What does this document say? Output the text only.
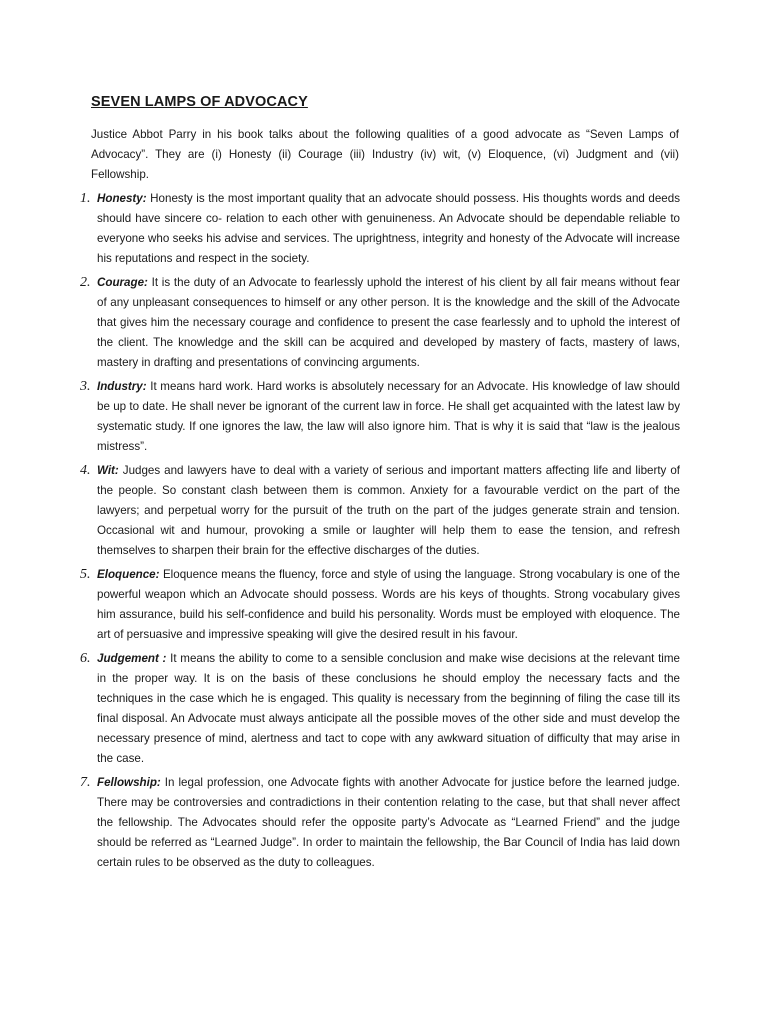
SEVEN LAMPS OF ADVOCACY
Justice Abbot Parry in his book talks about the following qualities of a good advocate as “Seven Lamps of Advocacy”. They are (i) Honesty (ii) Courage (iii) Industry (iv) wit, (v) Eloquence, (vi) Judgment and (vii) Fellowship.
1. Honesty: Honesty is the most important quality that an advocate should possess. His thoughts words and deeds should have sincere co- relation to each other with genuineness. An Advocate should be dependable reliable to everyone who seeks his advise and services. The uprightness, integrity and honesty of the Advocate will increase his reputations and respect in the society.
2. Courage: It is the duty of an Advocate to fearlessly uphold the interest of his client by all fair means without fear of any unpleasant consequences to himself or any other person. It is the knowledge and the skill of the Advocate that gives him the necessary courage and confidence to present the case fearlessly and to uphold the interest of the client. The knowledge and the skill can be acquired and developed by mastery of facts, mastery of laws, mastery in drafting and presentations of convincing arguments.
3. Industry: It means hard work. Hard works is absolutely necessary for an Advocate. His knowledge of law should be up to date. He shall never be ignorant of the current law in force. He shall get acquainted with the latest law by systematic study. If one ignores the law, the law will also ignore him. That is why it is said that “law is the jealous mistress”.
4. Wit: Judges and lawyers have to deal with a variety of serious and important matters affecting life and liberty of the people. So constant clash between them is common. Anxiety for a favourable verdict on the part of the lawyers; and perpetual worry for the pursuit of the truth on the part of the judges generate strain and tension. Occasional wit and humour, provoking a smile or laughter will help them to ease the tension, and refresh themselves to sharpen their brain for the effective discharges of the duties.
5. Eloquence: Eloquence means the fluency, force and style of using the language. Strong vocabulary is one of the powerful weapon which an Advocate should possess. Words are his keys of thoughts. Strong vocabulary gives him assurance, build his self-confidence and build his personality. Words must be employed with eloquence. The art of persuasive and impressive speaking will give the desired result in his favour.
6. Judgement : It means the ability to come to a sensible conclusion and make wise decisions at the relevant time in the proper way. It is on the basis of these conclusions he should employ the necessary facts and the techniques in the case which he is engaged. This quality is necessary from the beginning of filing the case till its final disposal. An Advocate must always anticipate all the possible moves of the other side and must develop the necessary presence of mind, alertness and tact to cope with any awkward situation of difficulty that may arise in the case.
7. Fellowship: In legal profession, one Advocate fights with another Advocate for justice before the learned judge. There may be controversies and contradictions in their contention relating to the case, but that shall never affect the fellowship. The Advocates should refer the opposite party’s Advocate as “Learned Friend” and the judge should be referred as “Learned Judge”. In order to maintain the fellowship, the Bar Council of India has laid down certain rules to be observed as the duty to colleagues.
